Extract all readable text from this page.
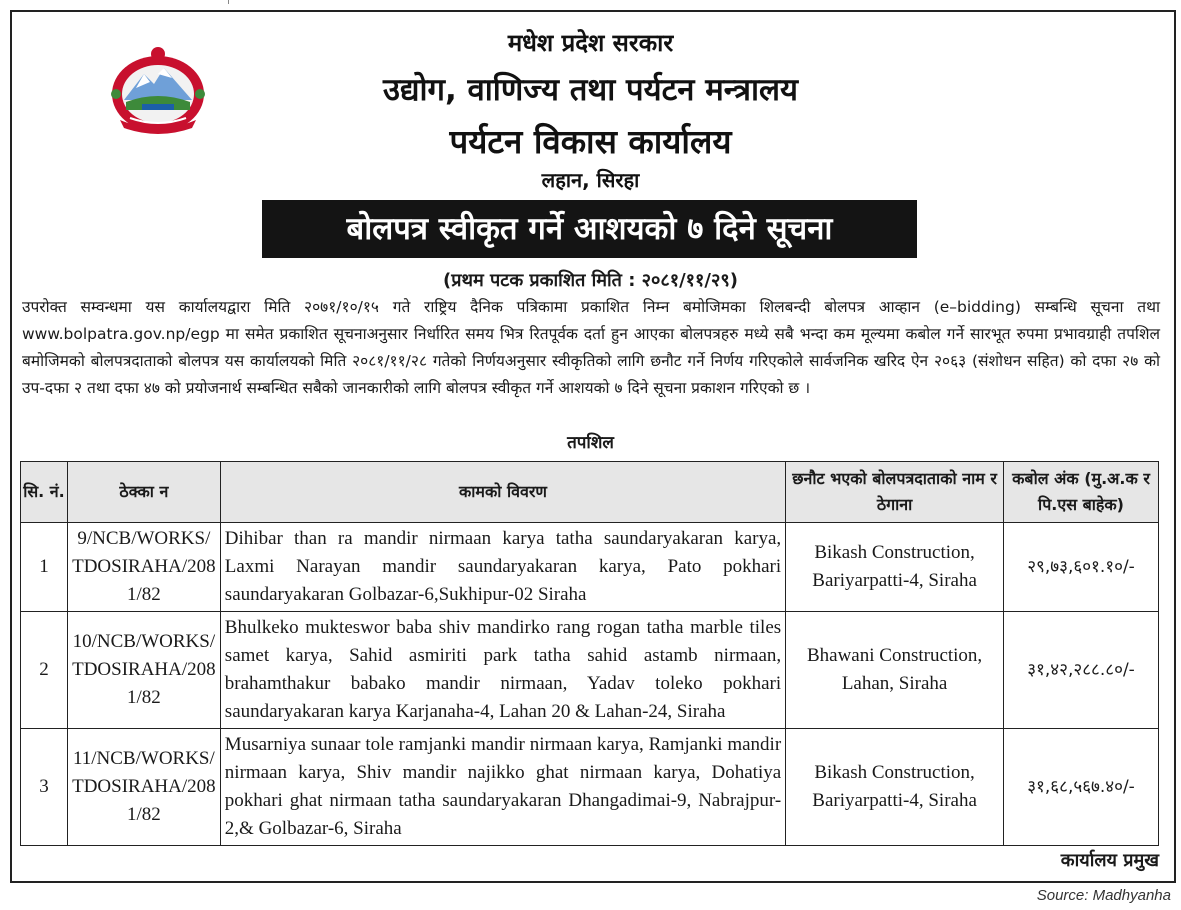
मधेश प्रदेश सरकार
उद्योग, वाणिज्य तथा पर्यटन मन्त्रालय
पर्यटन विकास कार्यालय
लहान, सिरहा
बोलपत्र स्वीकृत गर्ने आशयको ७ दिने सूचना
(प्रथम पटक प्रकाशित मिति : २०८१/११/२९)
उपरोक्त सम्वन्धमा यस कार्यालयद्वारा मिति २०७१/१०/१५ गते राष्ट्रिय दैनिक पत्रिकामा प्रकाशित निम्न बमोजिमका शिलबन्दी बोलपत्र आव्हान (e–bidding) सम्बन्धि सूचना तथा www.bolpatra.gov.np/egp मा समेत प्रकाशित सूचनाअनुसार निर्धारित समय भित्र रितपूर्वक दर्ता हुन आएका बोलपत्रहरु मध्ये सबै भन्दा कम मूल्यमा कबोल गर्ने सारभूत रुपमा प्रभावग्राही तपशिल बमोजिमको बोलपत्रदाताको बोलपत्र यस कार्यालयको मिति २०८१/११/२८ गतेको निर्णयअनुसार स्वीकृतिको लागि छनौट गर्ने निर्णय गरिएकोले सार्वजनिक खरिद ऐन २०६३ (संशोधन सहित) को दफा २७ को उप-दफा २ तथा दफा ४७ को प्रयोजनार्थ सम्बन्धित सबैको जानकारीको लागि बोलपत्र स्वीकृत गर्ने आशयको ७ दिने सूचना प्रकाशन गरिएको छ ।
तपशिल
सि. नं.	ठेक्का न	कामको विवरण	छनौट भएको बोलपत्रदाताको नाम र ठेगाना	कबोल अंक (मु.अ.क र पि.एस बाहेक)
1	9/NCB/WORKS/TDOSIRAHA/2081/82	Dihibar than ra mandir nirmaan karya tatha saundaryakaran karya, Laxmi Narayan mandir saundaryakaran karya, Pato pokhari saundaryakaran Golbazar-6,Sukhipur-02 Siraha	Bikash Construction, Bariyarpatti-4, Siraha	२९,७३,६०१.१०/-
2	10/NCB/WORKS/TDOSIRAHA/2081/82	Bhulkeko mukteswor baba shiv mandirko rang rogan tatha marble tiles samet karya, Sahid asmiriti park tatha sahid astamb nirmaan, brahamthakur babako mandir nirmaan, Yadav toleko pokhari saundaryakaran karya Karjanaha-4, Lahan 20 & Lahan-24, Siraha	Bhawani Construction, Lahan, Siraha	३१,४२,२८८.८०/-
3	11/NCB/WORKS/TDOSIRAHA/2081/82	Musarniya sunaar tole ramjanki mandir nirmaan karya, Ramjanki mandir nirmaan karya, Shiv mandir najikko ghat nirmaan karya, Dohatiya pokhari ghat nirmaan tatha saundaryakaran Dhangadimai-9, Nabrajpur-2,& Golbazar-6, Siraha	Bikash Construction, Bariyarpatti-4, Siraha	३१,६८,५६७.४०/-
कार्यालय प्रमुख
Source: Madhyanha
